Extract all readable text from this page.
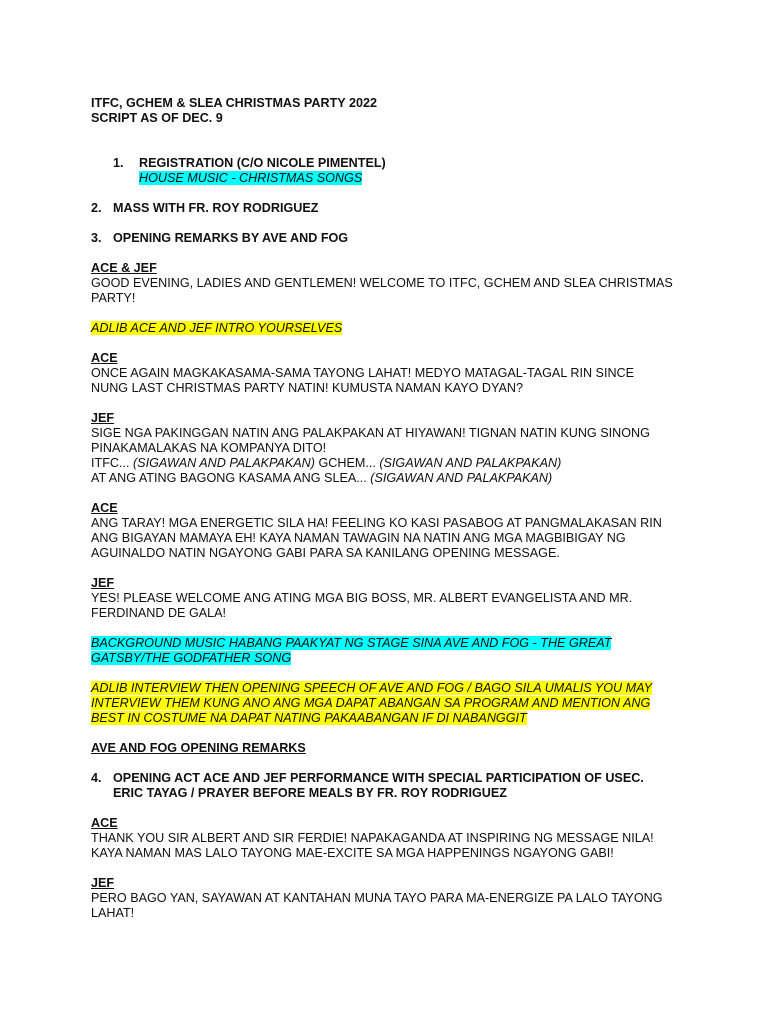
ITFC, GCHEM & SLEA CHRISTMAS PARTY 2022

SCRIPT AS OF DEC. 9

1.	REGISTRATION (C/O NICOLE PIMENTEL)
HOUSE MUSIC - CHRISTMAS SONGS
2. MASS WITH FR. ROY RODRIGUEZ
3. OPENING REMARKS BY AVE AND FOG

ACE & JEF

GOOD EVENING, LADIES AND GENTLEMEN! WELCOME TO ITFC, GCHEM AND SLEA CHRISTMAS

PARTY!

ADLIB ACE AND JEF INTRO YOURSELVES

ACE

ONCE AGAIN MAGKAKASAMA-SAMA TAYONG LAHAT! MEDYO MATAGAL-TAGAL RIN SINCE

NUNG LAST CHRISTMAS PARTY NATIN! KUMUSTA NAMAN KAYO DYAN?

JEF

SIGE NGA PAKINGGAN NATIN ANG PALAKPAKAN AT HIYAWAN! TIGNAN NATIN KUNG SINONG

PINAKAMALAKAS NA KOMPANYA DITO!

ITFC... (SIGAWAN AND PALAKPAKAN) GCHEM... (SIGAWAN AND PALAKPAKAN)

AT ANG ATING BAGONG KASAMA ANG SLEA... (SIGAWAN AND PALAKPAKAN)

ACE

ANG TARAY! MGA ENERGETIC SILA HA! FEELING KO KASI PASABOG AT PANGMALAKASAN RIN

ANG BIGAYAN MAMAYA EH! KAYA NAMAN TAWAGIN NA NATIN ANG MGA MAGBIBIGAY NG

AGUINALDO NATIN NGAYONG GABI PARA SA KANILANG OPENING MESSAGE.

JEF

YES! PLEASE WELCOME ANG ATING MGA BIG BOSS, MR. ALBERT EVANGELISTA AND MR.

FERDINAND DE GALA!

BACKGROUND MUSIC HABANG PAAKYAT NG STAGE SINA AVE AND FOG - THE GREAT

GATSBY/THE GODFATHER SONG

ADLIB INTERVIEW THEN OPENING SPEECH OF AVE AND FOG / BAGO SILA UMALIS YOU MAY

INTERVIEW THEM KUNG ANO ANG MGA DAPAT ABANGAN SA PROGRAM AND MENTION ANG

BEST IN COSTUME NA DAPAT NATING PAKAABANGAN IF DI NABANGGIT

AVE AND FOG OPENING REMARKS

4. OPENING ACT ACE AND JEF PERFORMANCE WITH SPECIAL PARTICIPATION OF USEC.
ERIC TAYAG / PRAYER BEFORE MEALS BY FR. ROY RODRIGUEZ

ACE

THANK YOU SIR ALBERT AND SIR FERDIE! NAPAKAGANDA AT INSPIRING NG MESSAGE NILA!

KAYA NAMAN MAS LALO TAYONG MAE-EXCITE SA MGA HAPPENINGS NGAYONG GABI!

JEF

PERO BAGO YAN, SAYAWAN AT KANTAHAN MUNA TAYO PARA MA-ENERGIZE PA LALO TAYONG

LAHAT!
